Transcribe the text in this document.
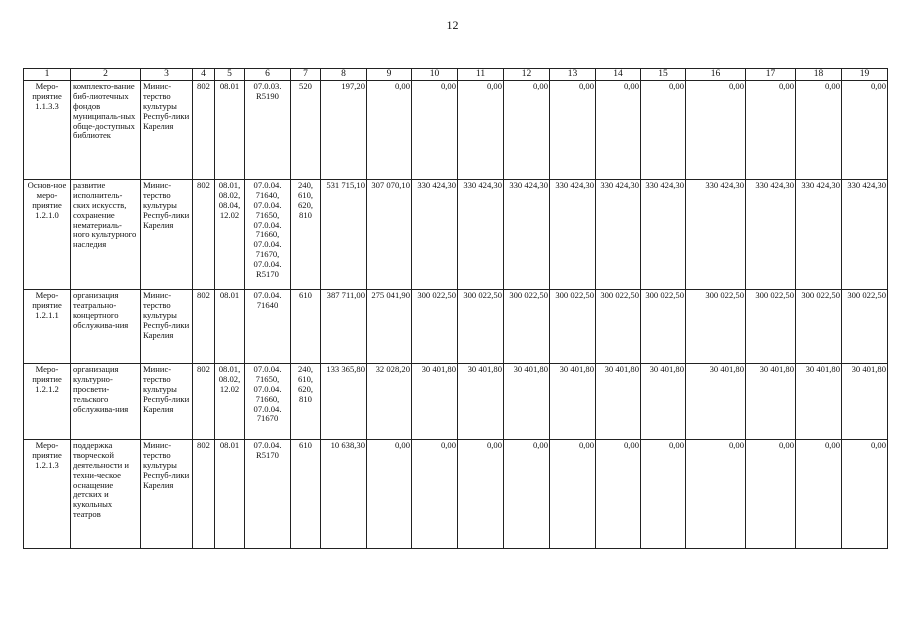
12
1	2	3	4	5	6	7	8	9	10	11	12	13	14	15	16	17	18	19
Меро-приятие 1.1.3.3	комплекто-вание биб-лиотечных фондов муниципаль-ных обще-доступных библиотек	Минис-терство культуры Респуб-лики Карелия	802	08.01	07.0.03. R5190	520	197,20	0,00	0,00	0,00	0,00	0,00	0,00	0,00	0,00	0,00	0,00	0,00
Основ-ное меро-приятие 1.2.1.0	развитие исполнитель-ских искусств, сохранение нематериаль-ного культурного наследия	Минис-терство культуры Респуб-лики Карелия	802	08.01, 08.02, 08.04, 12.02	07.0.04. 71640, 07.0.04. 71650, 07.0.04. 71660, 07.0.04. 71670, 07.0.04. R5170	240, 610, 620, 810	531 715,10	307 070,10	330 424,30	330 424,30	330 424,30	330 424,30	330 424,30	330 424,30	330 424,30	330 424,30	330 424,30	330 424,30
Меро-приятие 1.2.1.1	организация театрально-концертного обслужива-ния	Минис-терство культуры Респуб-лики Карелия	802	08.01	07.0.04. 71640	610	387 711,00	275 041,90	300 022,50	300 022,50	300 022,50	300 022,50	300 022,50	300 022,50	300 022,50	300 022,50	300 022,50	300 022,50
Меро-приятие 1.2.1.2	организация культурно-просвети-тельского обслужива-ния	Минис-терство культуры Респуб-лики Карелия	802	08.01, 08.02, 12.02	07.0.04. 71650, 07.0.04. 71660, 07.0.04. 71670	240, 610, 620, 810	133 365,80	32 028,20	30 401,80	30 401,80	30 401,80	30 401,80	30 401,80	30 401,80	30 401,80	30 401,80	30 401,80	30 401,80
Меро-приятие 1.2.1.3	поддержка творческой деятельности и техни-ческое оснащение детских и кукольных театров	Минис-терство культуры Респуб-лики Карелия	802	08.01	07.0.04. R5170	610	10 638,30	0,00	0,00	0,00	0,00	0,00	0,00	0,00	0,00	0,00	0,00	0,00
